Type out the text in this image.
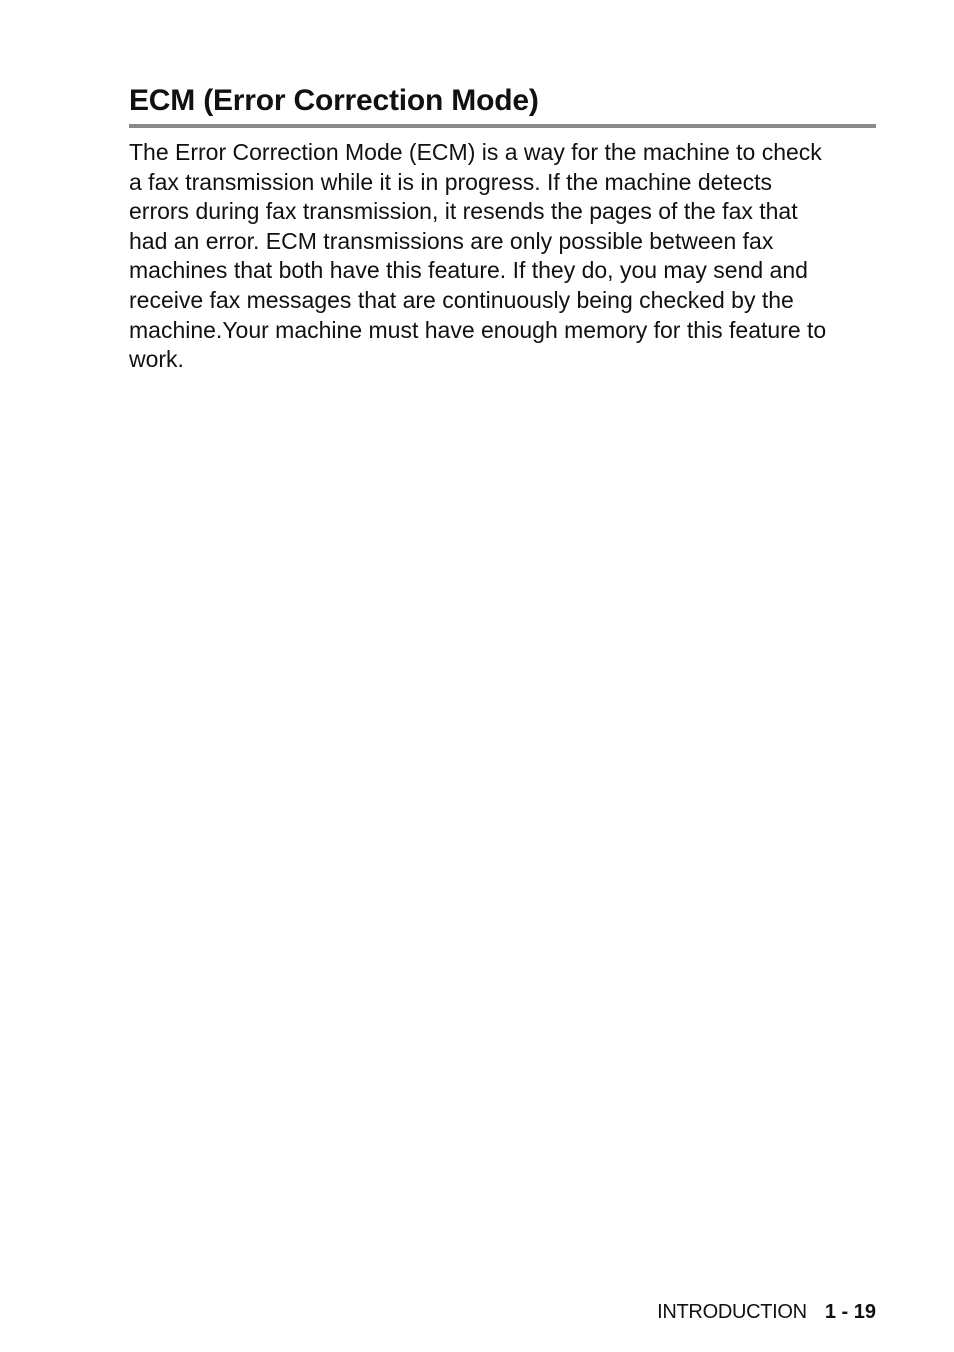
ECM (Error Correction Mode)

The Error Correction Mode (ECM) is a way for the machine to check
a fax transmission while it is in progress. If the machine detects
errors during fax transmission, it resends the pages of the fax that
had an error. ECM transmissions are only possible between fax
machines that both have this feature. If they do, you may send and
receive fax messages that are continuously being checked by the
machine.Your machine must have enough memory for this feature to
work.

INTRODUCTION 1 - 19
